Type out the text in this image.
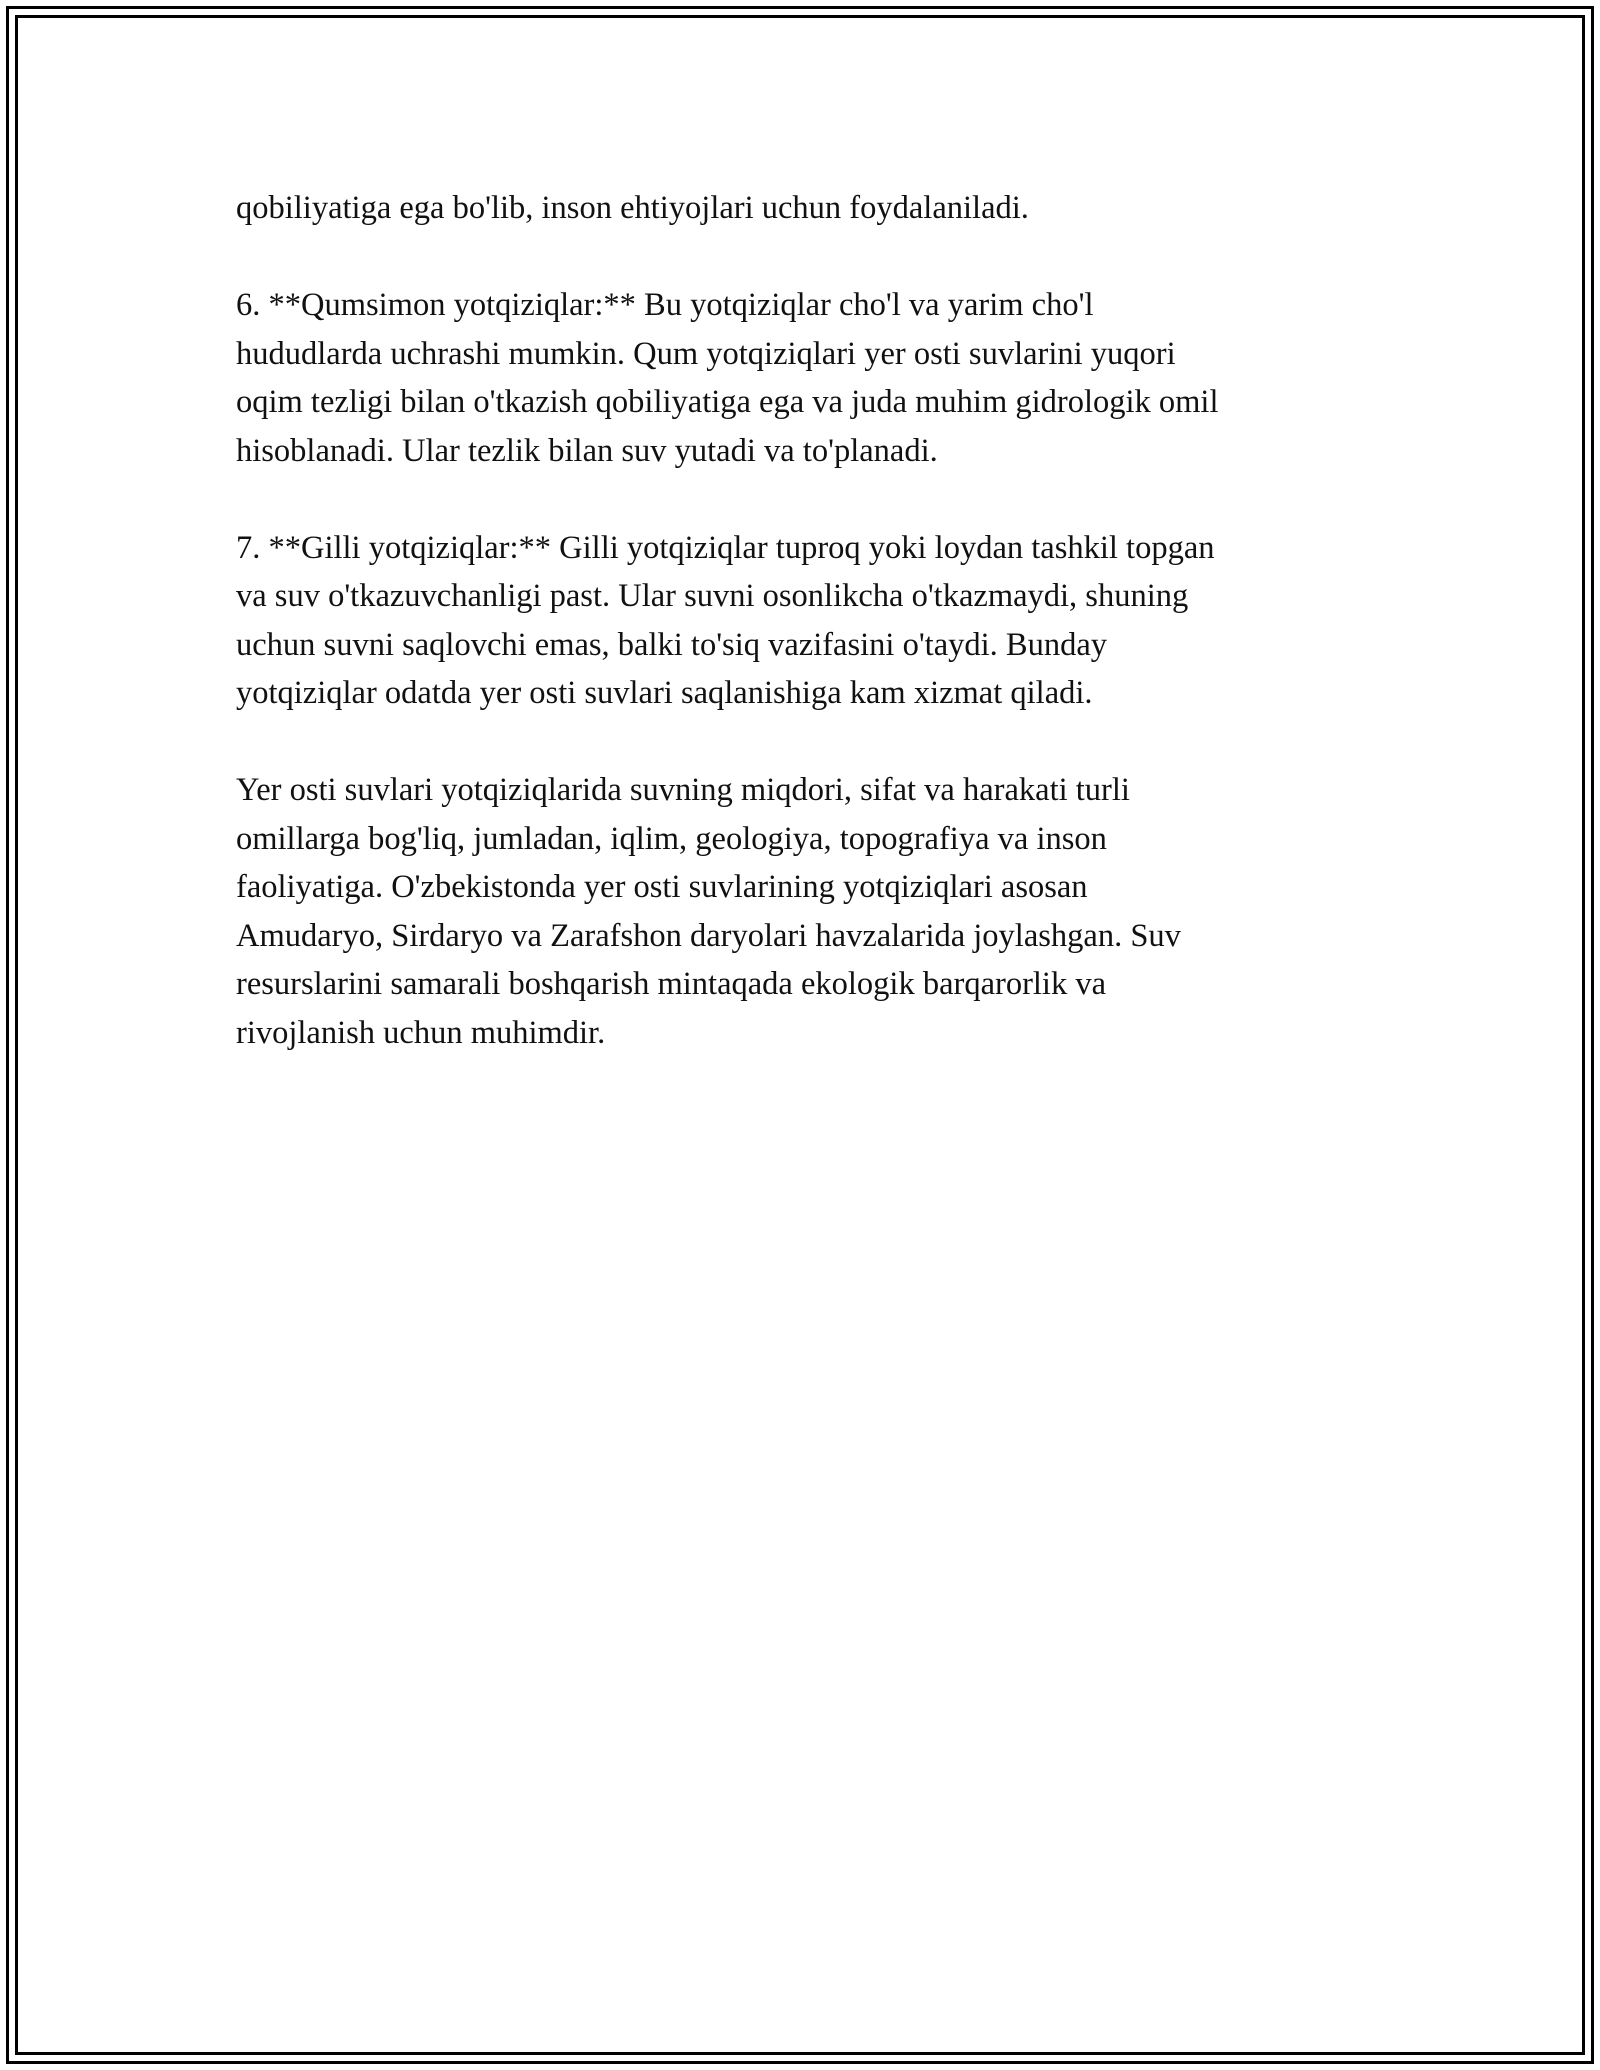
qobiliyatiga ega bo'lib, inson ehtiyojlari uchun foydalaniladi.

6. **Qumsimon yotqiziqlar:** Bu yotqiziqlar cho'l va yarim cho'l
hududlarda uchrashi mumkin. Qum yotqiziqlari yer osti suvlarini yuqori
oqim tezligi bilan o'tkazish qobiliyatiga ega va juda muhim gidrologik omil
hisoblanadi. Ular tezlik bilan suv yutadi va to'planadi.

7. **Gilli yotqiziqlar:** Gilli yotqiziqlar tuproq yoki loydan tashkil topgan
va suv o'tkazuvchanligi past. Ular suvni osonlikcha o'tkazmaydi, shuning
uchun suvni saqlovchi emas, balki to'siq vazifasini o'taydi. Bunday
yotqiziqlar odatda yer osti suvlari saqlanishiga kam xizmat qiladi.

Yer osti suvlari yotqiziqlarida suvning miqdori, sifat va harakati turli
omillarga bog'liq, jumladan, iqlim, geologiya, topografiya va inson
faoliyatiga. O'zbekistonda yer osti suvlarining yotqiziqlari asosan
Amudaryo, Sirdaryo va Zarafshon daryolari havzalarida joylashgan. Suv
resurslarini samarali boshqarish mintaqada ekologik barqarorlik va
rivojlanish uchun muhimdir.
